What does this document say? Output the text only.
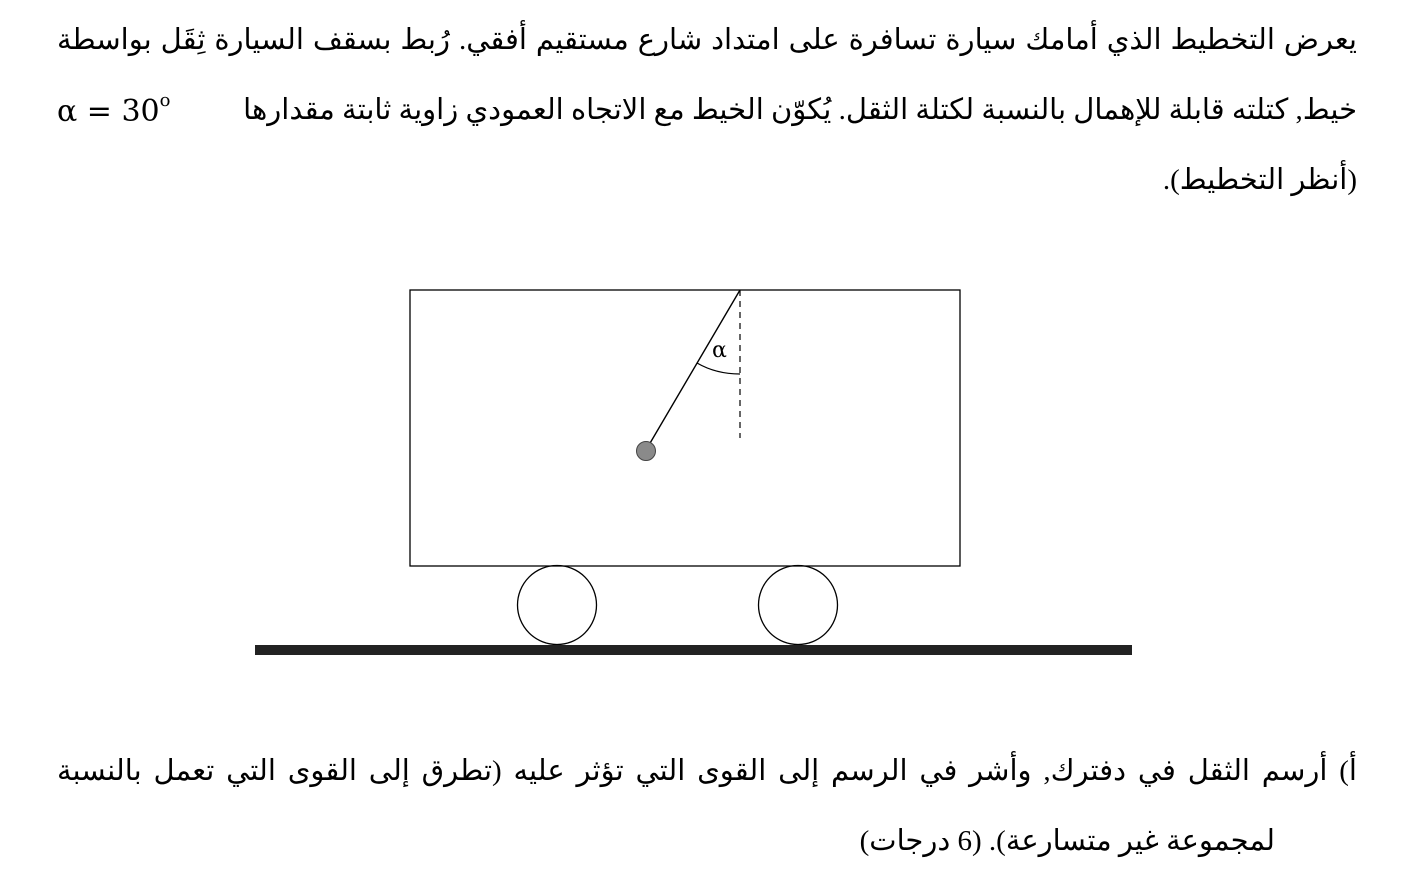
يعرض التخطيط الذي أمامك سيارة تسافرة على امتداد شارع مستقيم أفقي. رُبط بسقف السيارة ثِقَل بواسطة
$\alpha = 30^o$	خيط, كتلته قابلة للإهمال بالنسبة لكتلة الثقل. يُكوّن الخيط مع الاتجاه العمودي زاوية ثابتة مقدارها
(أنظر التخطيط).
α
أ) أرسم الثقل في دفترك, وأشر في الرسم إلى القوى التي تؤثر عليه (تطرق إلى القوى التي تعمل بالنسبة
لمجموعة غير متسارعة). (6 درجات)
